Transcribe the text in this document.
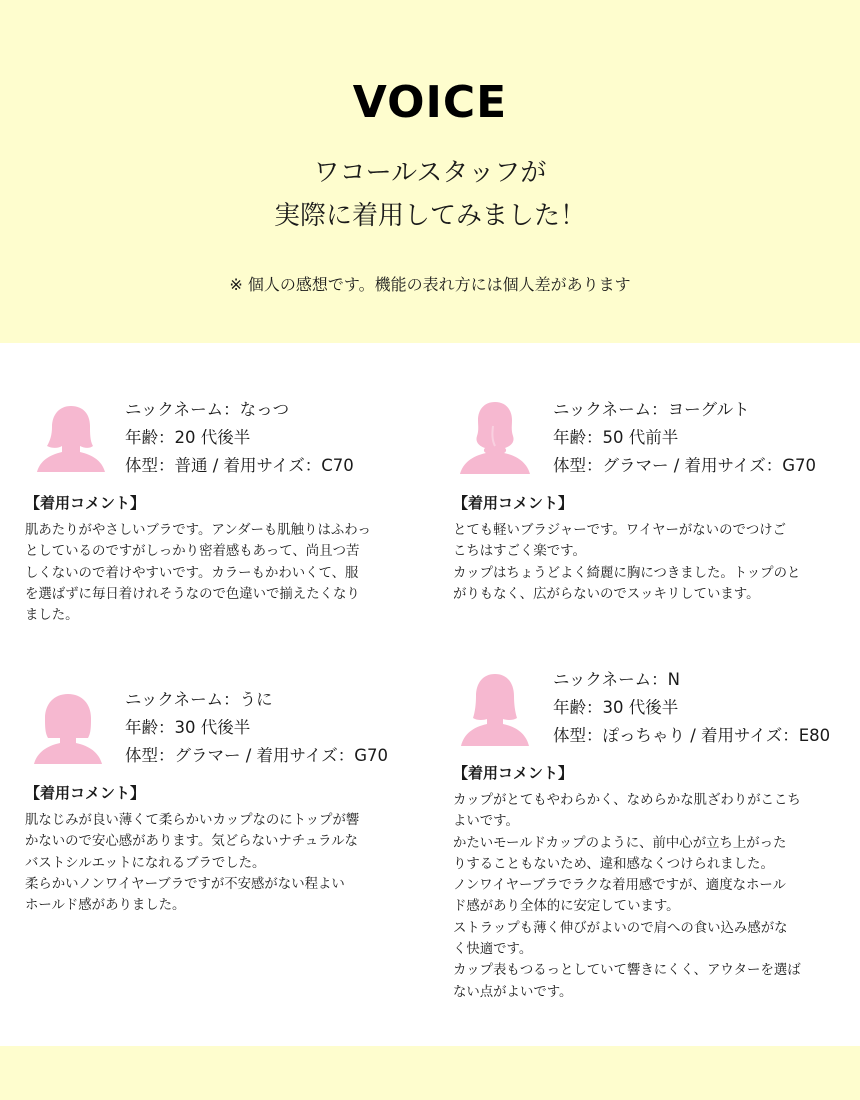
VOICE
ワコールスタッフが
実際に着用してみました！
※ 個人の感想です。機能の表れ方には個人差があります
ニックネーム：なっつ
年齢：20 代後半
体型：普通 / 着用サイズ：C70
【着用コメント】
肌あたりがやさしいブラです。アンダーも肌触りはふわっ
としているのですがしっかり密着感もあって、尚且つ苦
しくないので着けやすいです。カラーもかわいくて、服
を選ばずに毎日着けれそうなので色違いで揃えたくなり
ました。
ニックネーム：ヨーグルト
年齢：50 代前半
体型：グラマー / 着用サイズ：G70
【着用コメント】
とても軽いブラジャーです。ワイヤーがないのでつけご
こちはすごく楽です。
カップはちょうどよく綺麗に胸につきました。トップのと
がりもなく、広がらないのでスッキリしています。
ニックネーム：うに
年齢：30 代後半
体型：グラマー / 着用サイズ：G70
【着用コメント】
肌なじみが良い薄くて柔らかいカップなのにトップが響
かないので安心感があります。気どらないナチュラルな
バストシルエットになれるブラでした。
柔らかいノンワイヤーブラですが不安感がない程よい
ホールド感がありました。
ニックネーム：N
年齢：30 代後半
体型：ぽっちゃり / 着用サイズ：E80
【着用コメント】
カップがとてもやわらかく、なめらかな肌ざわりがここち
よいです。
かたいモールドカップのように、前中心が立ち上がった
りすることもないため、違和感なくつけられました。
ノンワイヤーブラでラクな着用感ですが、適度なホール
ド感があり全体的に安定しています。
ストラップも薄く伸びがよいので肩への食い込み感がな
く快適です。
カップ表もつるっとしていて響きにくく、アウターを選ば
ない点がよいです。
